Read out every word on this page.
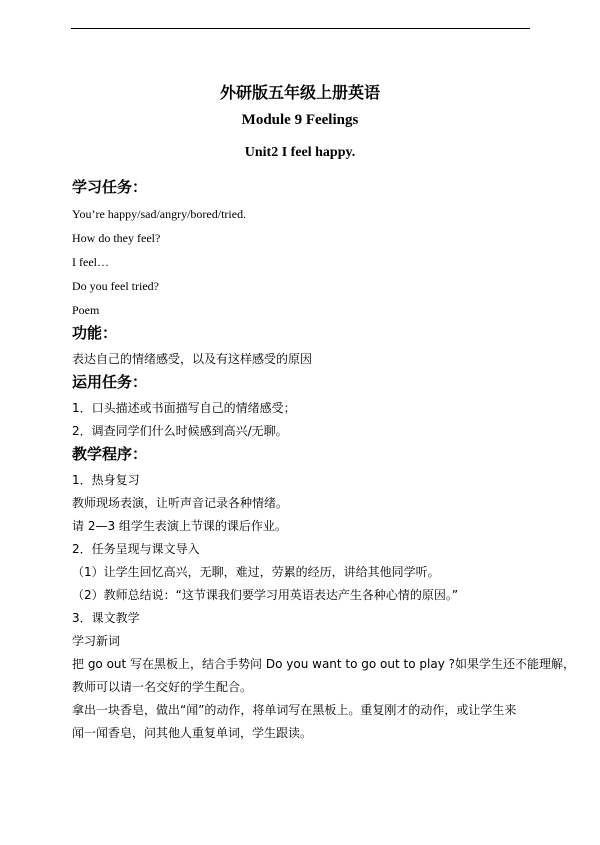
外研版五年级上册英语
Module 9 Feelings
Unit2 I feel happy.
学习任务：

You’re happy/sad/angry/bored/tried.

How do they feel?

I feel…

Do you feel tried?

Poem

功能：

表达自己的情绪感受，以及有这样感受的原因

运用任务：

1．口头描述或书面描写自己的情绪感受；

2．调查同学们什么时候感到高兴/无聊。

教学程序：

1．热身复习

教师现场表演，让听声音记录各种情绪。

请 2—3 组学生表演上节课的课后作业。

2．任务呈现与课文导入

（1）让学生回忆高兴，无聊，难过，劳累的经历，讲给其他同学听。

（2）教师总结说：“这节课我们要学习用英语表达产生各种心情的原因。”

3．课文教学

学习新词

把 go out 写在黑板上，结合手势问 Do you want to go out to play ?如果学生还不能理解，

教师可以请一名交好的学生配合。

拿出一块香皂，做出“闻”的动作，将单词写在黑板上。重复刚才的动作，或让学生来

闻一闻香皂，问其他人重复单词，学生跟读。
